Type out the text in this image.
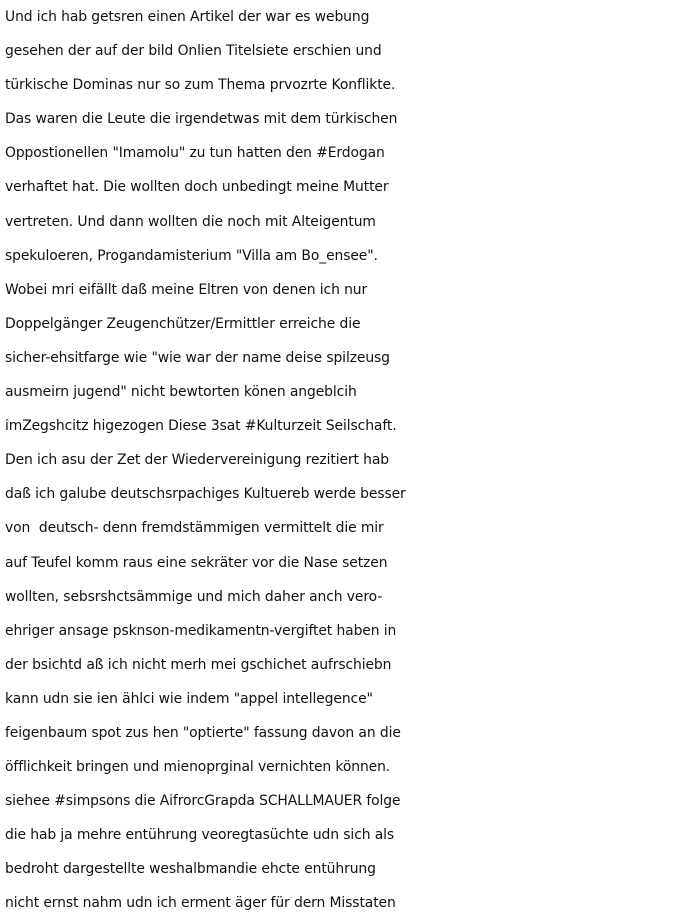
Und ich hab getsren einen Artikel der war es webung
gesehen der auf der bild Onlien Titelsiete erschien und
türkische Dominas nur so zum Thema prvozrte Konflikte.
Das waren die Leute die irgendetwas mit dem türkischen
Oppostionellen "Imamolu" zu tun hatten den #Erdogan
verhaftet hat. Die wollten doch unbedingt meine Mutter
vertreten. Und dann wollten die noch mit Alteigentum
spekuloeren, Progandamisterium "Villa am Bo_ensee".
Wobei mri eifällt daß meine Eltren von denen ich nur
Doppelgänger Zeugenchützer/Ermittler erreiche die
sicher-ehsitfarge wie "wie war der name deise spilzeusg
ausmeirn jugend" nicht bewtorten könen angeblcih
imZegshcitz higezogen Diese 3sat #Kulturzeit Seilschaft.
Den ich asu der Zet der Wiedervereinigung rezitiert hab
daß ich galube deutschsrpachiges Kultuereb werde besser
von  deutsch- denn fremdstämmigen vermittelt die mir
auf Teufel komm raus eine sekräter vor die Nase setzen
wollten, sebsrshctsämmige und mich daher anch vero-
ehriger ansage psknson-medikamentn-vergiftet haben in
der bsichtd aß ich nicht merh mei gschichet aufrschiebn
kann udn sie ien ählci wie indem "appel intellegence"
feigenbaum spot zus hen "optierte" fassung davon an die
öfflichkeit bringen und mienoprginal vernichten können.
siehee #simpsons die AifrorcGrapda SCHALLMAUER folge
die hab ja mehre entührung veoregtasüchte udn sich als
bedroht dargestellte weshalbmandie ehcte entührung
nicht ernst nahm udn ich erment äger für dern Misstaten
